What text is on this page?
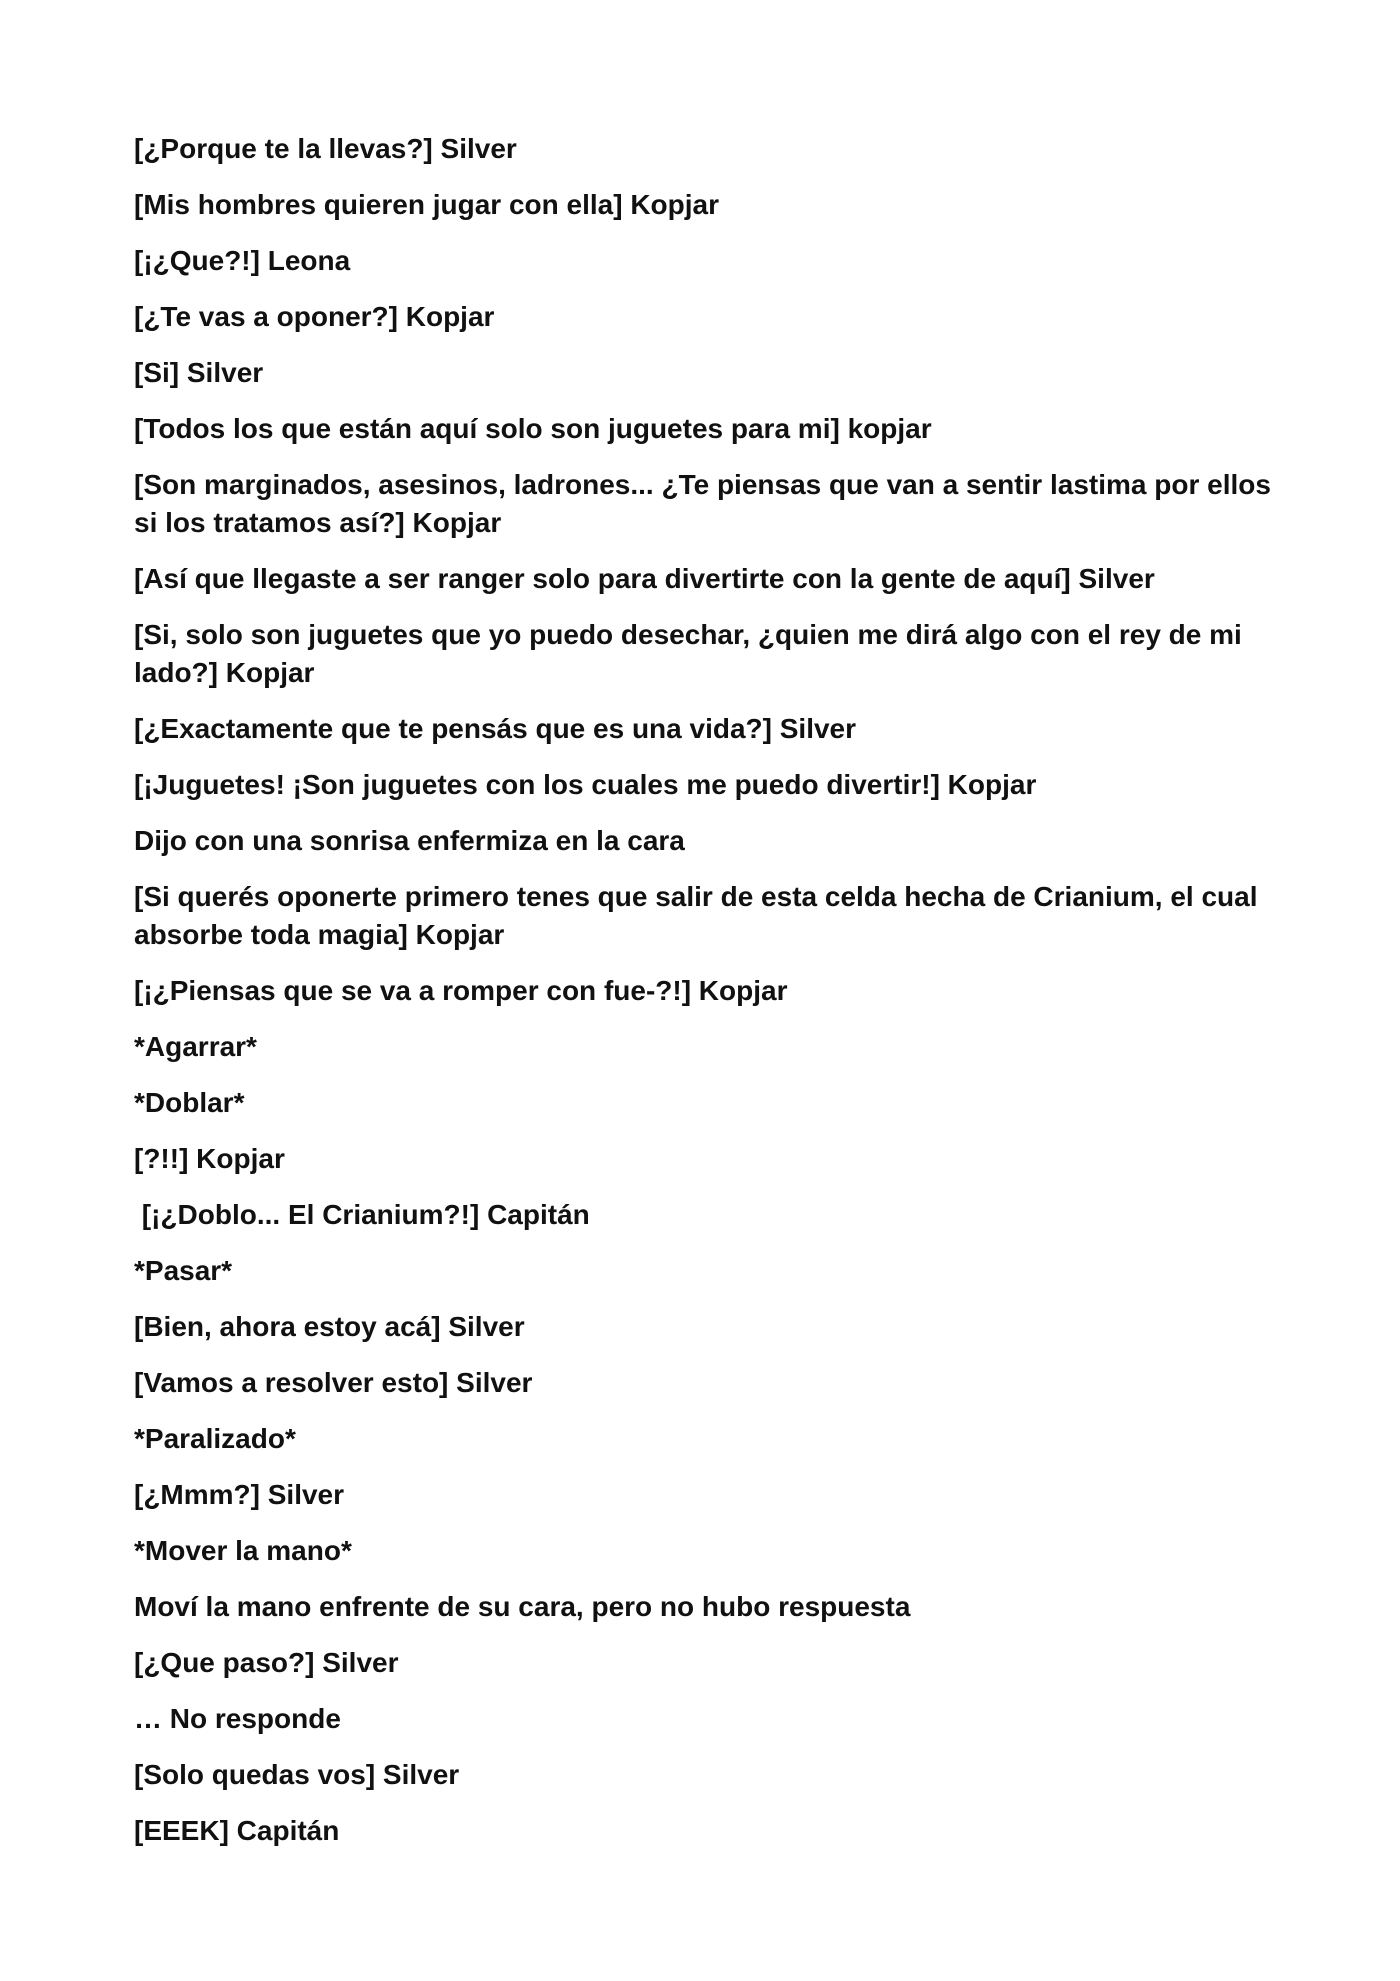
[¿Porque te la llevas?] Silver

[Mis hombres quieren jugar con ella] Kopjar

[¡¿Que?!] Leona

[¿Te vas a oponer?] Kopjar

[Si] Silver

[Todos los que están aquí solo son juguetes para mi] kopjar

[Son marginados, asesinos, ladrones... ¿Te piensas que van a sentir lastima por ellos si los tratamos así?] Kopjar

[Así que llegaste a ser ranger solo para divertirte con la gente de aquí] Silver

[Si, solo son juguetes que yo puedo desechar, ¿quien me dirá algo con el rey de mi lado?] Kopjar

[¿Exactamente que te pensás que es una vida?] Silver

[¡Juguetes! ¡Son juguetes con los cuales me puedo divertir!] Kopjar

Dijo con una sonrisa enfermiza en la cara

[Si querés oponerte primero tenes que salir de esta celda hecha de Crianium, el cual absorbe toda magia] Kopjar

[¡¿Piensas que se va a romper con fue-?!] Kopjar

*Agarrar*

*Doblar*

[?!!] Kopjar

[¡¿Doblo... El Crianium?!] Capitán

*Pasar*

[Bien, ahora estoy acá] Silver

[Vamos a resolver esto] Silver

*Paralizado*

[¿Mmm?] Silver

*Mover la mano*

Moví la mano enfrente de su cara, pero no hubo respuesta

[¿Que paso?] Silver

… No responde

[Solo quedas vos] Silver

[EEEK] Capitán
